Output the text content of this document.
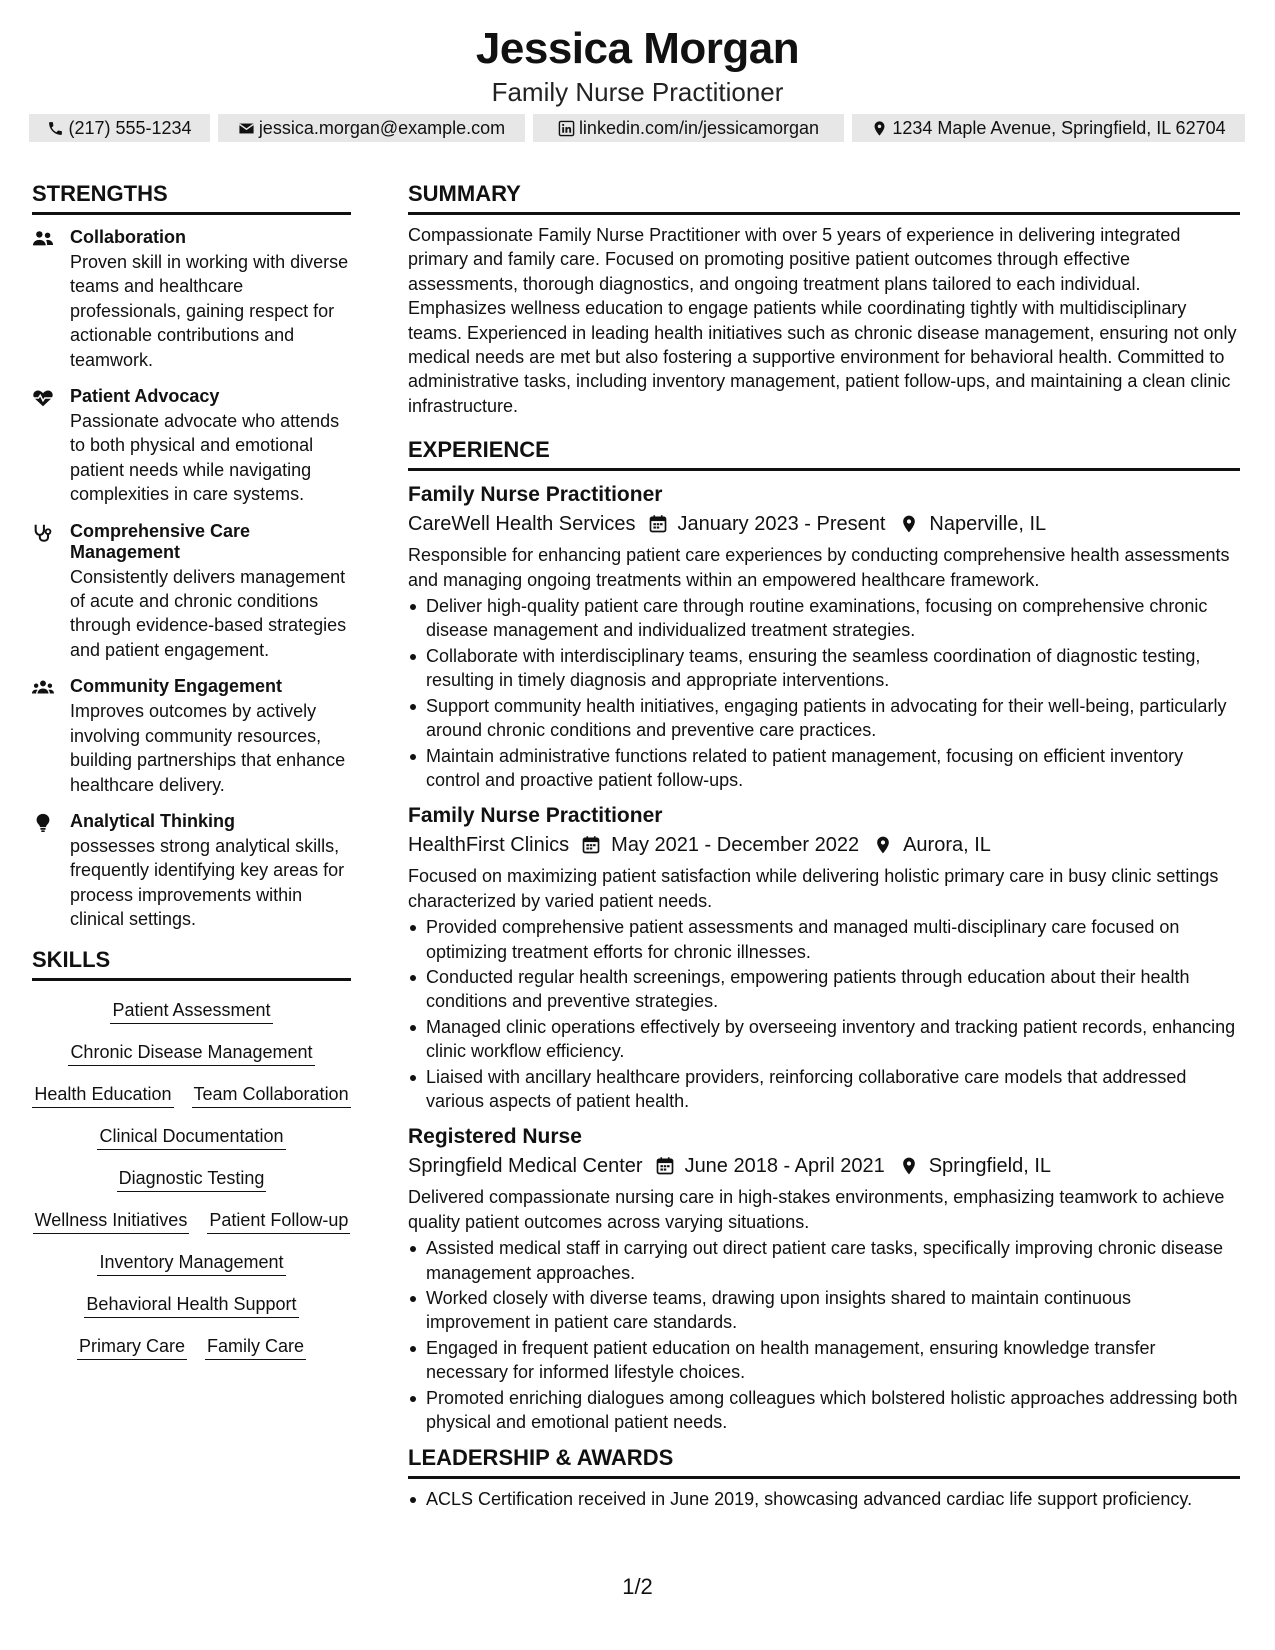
Jessica Morgan
Family Nurse Practitioner
(217) 555-1234	jessica.morgan@example.com	linkedin.com/in/jessicamorgan	1234 Maple Avenue, Springfield, IL 62704
STRENGTHS
Collaboration
Proven skill in working with diverse teams and healthcare professionals, gaining respect for actionable contributions and teamwork.
Patient Advocacy
Passionate advocate who attends to both physical and emotional patient needs while navigating complexities in care systems.
Comprehensive Care Management
Consistently delivers management of acute and chronic conditions through evidence-based strategies and patient engagement.
Community Engagement
Improves outcomes by actively involving community resources, building partnerships that enhance healthcare delivery.
Analytical Thinking
possesses strong analytical skills, frequently identifying key areas for process improvements within clinical settings.
SKILLS
Patient Assessment
Chronic Disease Management
Health Education Team Collaboration
Clinical Documentation
Diagnostic Testing
Wellness Initiatives Patient Follow-up
Inventory Management
Behavioral Health Support
Primary Care Family Care
SUMMARY
Compassionate Family Nurse Practitioner with over 5 years of experience in delivering integrated primary and family care. Focused on promoting positive patient outcomes through effective assessments, thorough diagnostics, and ongoing treatment plans tailored to each individual. Emphasizes wellness education to engage patients while coordinating tightly with multidisciplinary teams. Experienced in leading health initiatives such as chronic disease management, ensuring not only medical needs are met but also fostering a supportive environment for behavioral health. Committed to administrative tasks, including inventory management, patient follow-ups, and maintaining a clean clinic infrastructure.
EXPERIENCE
Family Nurse Practitioner
CareWell Health Services January 2023 - Present Naperville, IL
Responsible for enhancing patient care experiences by conducting comprehensive health assessments and managing ongoing treatments within an empowered healthcare framework.
Deliver high-quality patient care through routine examinations, focusing on comprehensive chronic disease management and individualized treatment strategies.
Collaborate with interdisciplinary teams, ensuring the seamless coordination of diagnostic testing, resulting in timely diagnosis and appropriate interventions.
Support community health initiatives, engaging patients in advocating for their well-being, particularly around chronic conditions and preventive care practices.
Maintain administrative functions related to patient management, focusing on efficient inventory control and proactive patient follow-ups.
Family Nurse Practitioner
HealthFirst Clinics May 2021 - December 2022 Aurora, IL
Focused on maximizing patient satisfaction while delivering holistic primary care in busy clinic settings characterized by varied patient needs.
Provided comprehensive patient assessments and managed multi-disciplinary care focused on optimizing treatment efforts for chronic illnesses.
Conducted regular health screenings, empowering patients through education about their health conditions and preventive strategies.
Managed clinic operations effectively by overseeing inventory and tracking patient records, enhancing clinic workflow efficiency.
Liaised with ancillary healthcare providers, reinforcing collaborative care models that addressed various aspects of patient health.
Registered Nurse
Springfield Medical Center June 2018 - April 2021 Springfield, IL
Delivered compassionate nursing care in high-stakes environments, emphasizing teamwork to achieve quality patient outcomes across varying situations.
Assisted medical staff in carrying out direct patient care tasks, specifically improving chronic disease management approaches.
Worked closely with diverse teams, drawing upon insights shared to maintain continuous improvement in patient care standards.
Engaged in frequent patient education on health management, ensuring knowledge transfer necessary for informed lifestyle choices.
Promoted enriching dialogues among colleagues which bolstered holistic approaches addressing both physical and emotional patient needs.
LEADERSHIP & AWARDS
ACLS Certification received in June 2019, showcasing advanced cardiac life support proficiency.
1/2
